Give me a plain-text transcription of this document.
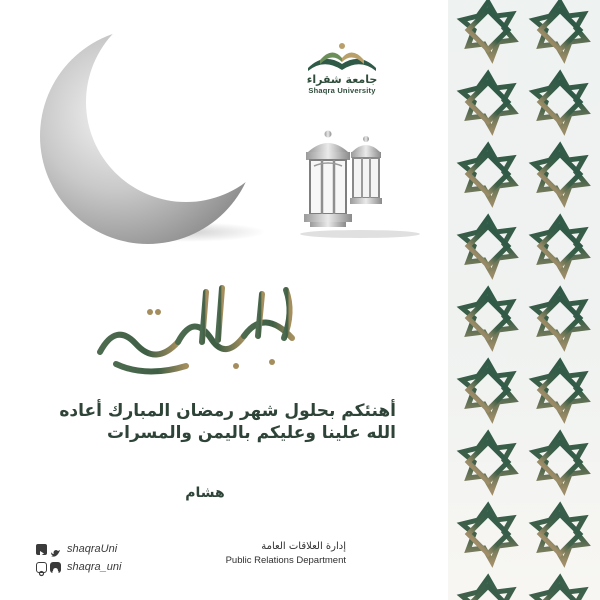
جامعة شقراء
Shaqra University
أهنئكم بحلول شهر رمضان المبارك أعاده
الله علينا وعليكم باليمن والمسرات
هشام
shaqraUni
shaqra_uni
إدارة العلاقات العامة
Public Relations Department
